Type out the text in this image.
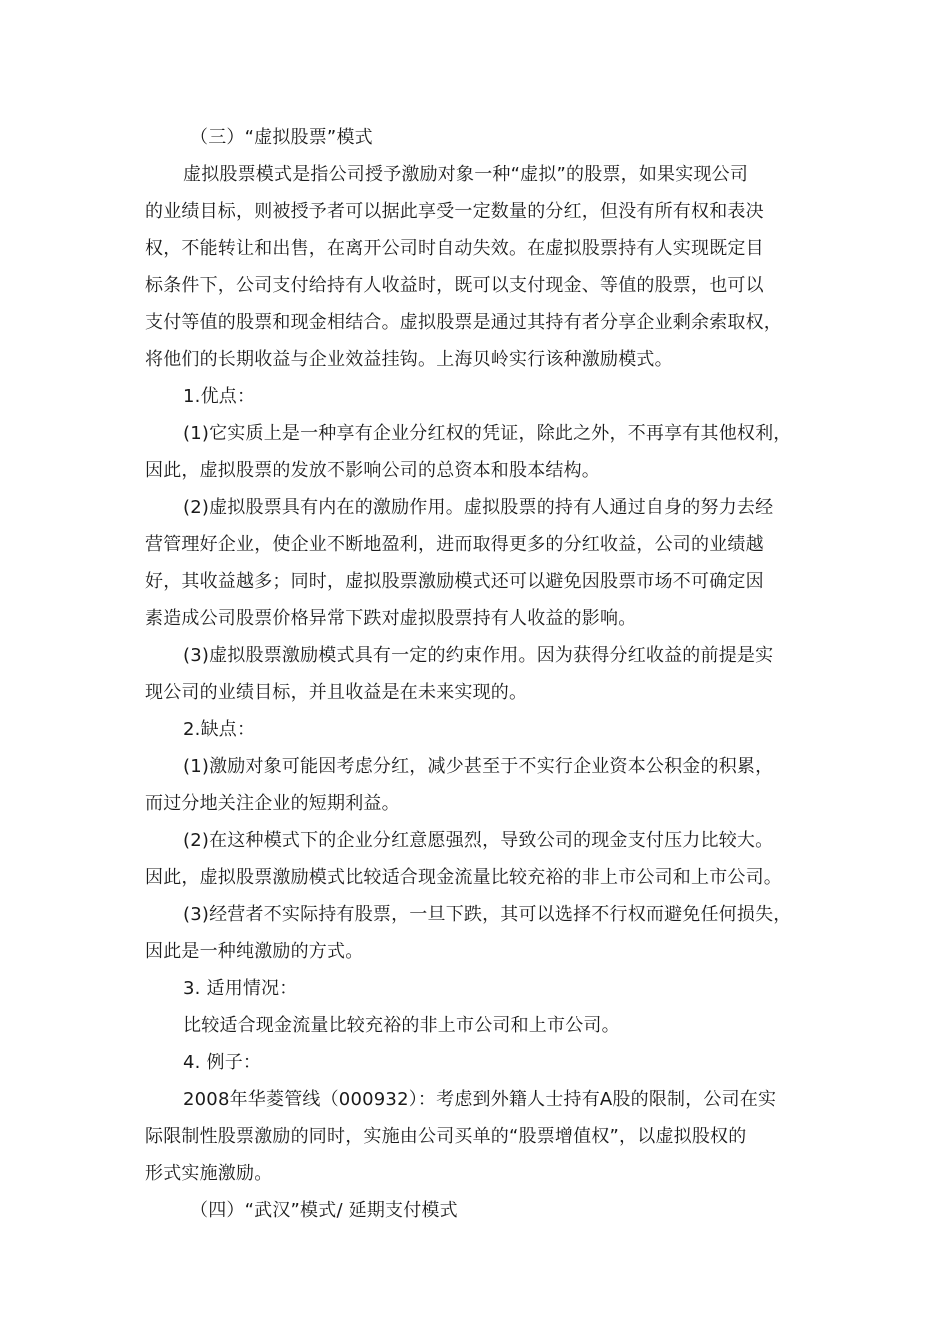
（三）“虚拟股票”模式
虚拟股票模式是指公司授予激励对象一种“虚拟”的股票，如果实现公司
的业绩目标，则被授予者可以据此享受一定数量的分红，但没有所有权和表决
权，不能转让和出售，在离开公司时自动失效。在虚拟股票持有人实现既定目
标条件下，公司支付给持有人收益时，既可以支付现金、等值的股票，也可以
支付等值的股票和现金相结合。虚拟股票是通过其持有者分享企业剩余索取权，
将他们的长期收益与企业效益挂钩。上海贝岭实行该种激励模式。
1.优点：
(1)它实质上是一种享有企业分红权的凭证，除此之外，不再享有其他权利，
因此，虚拟股票的发放不影响公司的总资本和股本结构。
(2)虚拟股票具有内在的激励作用。虚拟股票的持有人通过自身的努力去经
营管理好企业，使企业不断地盈利，进而取得更多的分红收益，公司的业绩越
好，其收益越多；同时，虚拟股票激励模式还可以避免因股票市场不可确定因
素造成公司股票价格异常下跌对虚拟股票持有人收益的影响。
(3)虚拟股票激励模式具有一定的约束作用。因为获得分红收益的前提是实
现公司的业绩目标，并且收益是在未来实现的。
2.缺点：
(1)激励对象可能因考虑分红，减少甚至于不实行企业资本公积金的积累，
而过分地关注企业的短期利益。
(2)在这种模式下的企业分红意愿强烈，导致公司的现金支付压力比较大。
因此，虚拟股票激励模式比较适合现金流量比较充裕的非上市公司和上市公司。
(3)经营者不实际持有股票，一旦下跌，其可以选择不行权而避免任何损失，
因此是一种纯激励的方式。
3. 适用情况：
比较适合现金流量比较充裕的非上市公司和上市公司。
4. 例子：
2008年华菱管线（000932）：考虑到外籍人士持有A股的限制，公司在实
际限制性股票激励的同时，实施由公司买单的“股票增值权”，以虚拟股权的
形式实施激励。
（四）“武汉”模式/ 延期支付模式
